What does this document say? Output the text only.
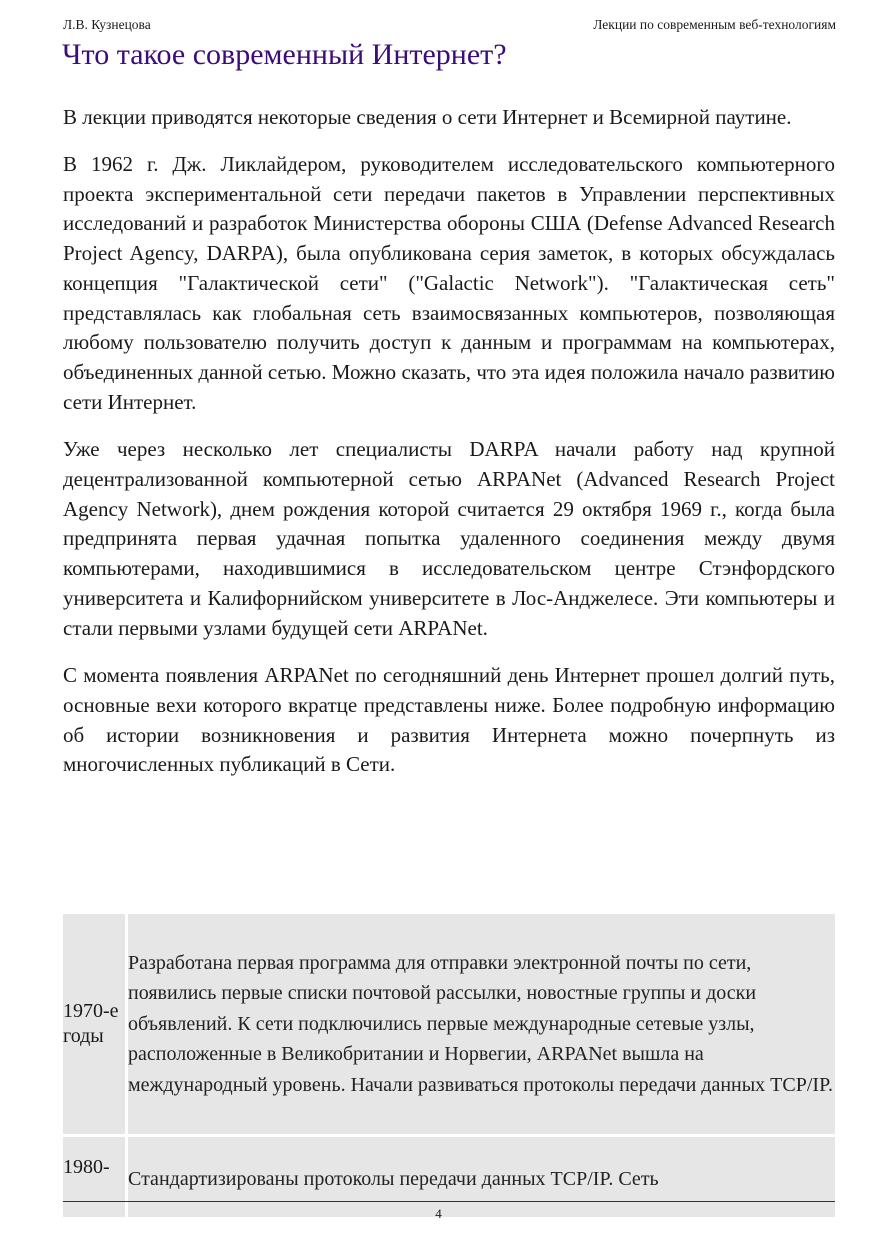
Л.В. Кузнецова	Лекции по современным веб-технологиям
Что такое современный Интернет?

В лекции приводятся некоторые сведения о сети Интернет и Всемирной паутине.

В 1962 г. Дж. Ликлайдером, руководителем исследовательского компьютерного проекта экспериментальной сети передачи пакетов в Управлении перспективных исследований и разработок Министерства обороны США (Defense Advanced Research Project Agency, DARPA), была опубликована серия заметок, в которых обсуждалась концепция "Галактической сети" ("Galactic Network"). "Галактическая сеть" представлялась как глобальная сеть взаимосвязанных компьютеров, позволяющая любому пользователю получить доступ к данным и программам на компьютерах, объединенных данной сетью. Можно сказать, что эта идея положила начало развитию сети Интернет.

Уже через несколько лет специалисты DARPA начали работу над крупной децентрализованной компьютерной сетью ARPANet (Advanced Research Project Agency Network), днем рождения которой считается 29 октября 1969 г., когда была предпринята первая удачная попытка удаленного соединения между двумя компьютерами, находившимися в исследовательском центре Стэнфордского университета и Калифорнийском университете в Лос-Анджелесе. Эти компьютеры и стали первыми узлами будущей сети ARPANet.

С момента появления ARPANet по сегодняшний день Интернет прошел долгий путь, основные вехи которого вкратце представлены ниже. Более подробную информацию об истории возникновения и развития Интернета можно почерпнуть из многочисленных публикаций в Сети.

1970-е годы	Разработана первая программа для отправки электронной почты по сети, появились первые списки почтовой рассылки, новостные группы и доски объявлений. К сети подключились первые международные сетевые узлы, расположенные в Великобритании и Норвегии, ARPANet вышла на международный уровень. Начали развиваться протоколы передачи данных TCP/IP.
1980-	Стандартизированы протоколы передачи данных TCP/IP. Сеть
4
